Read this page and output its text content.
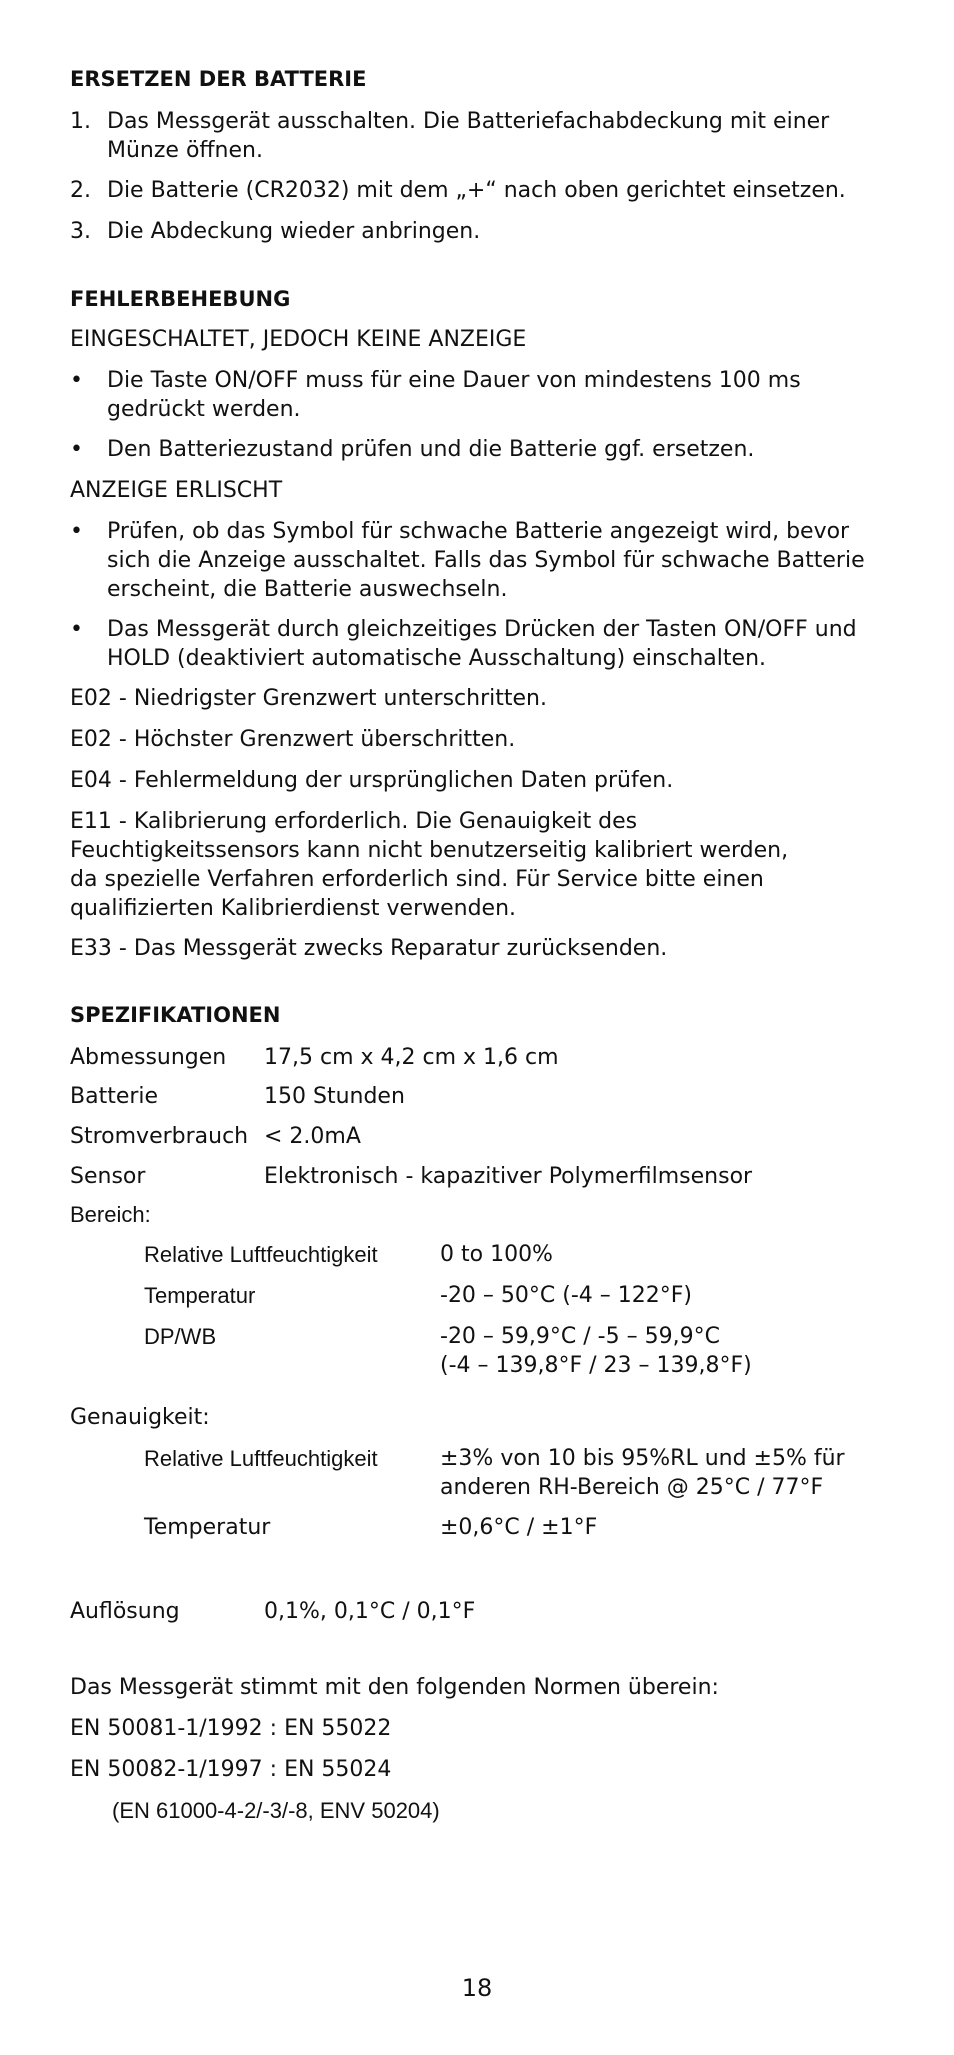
ERSETZEN DER BATTERIE
1. Das Messgerät ausschalten. Die Batteriefachabdeckung mit einer
Münze öffnen.
2. Die Batterie (CR2032) mit dem „+“ nach oben gerichtet einsetzen.
3. Die Abdeckung wieder anbringen.
FEHLERBEHEBUNG
EINGESCHALTET, JEDOCH KEINE ANZEIGE
• Die Taste ON/OFF muss für eine Dauer von mindestens 100 ms
gedrückt werden.
• Den Batteriezustand prüfen und die Batterie ggf. ersetzen.
ANZEIGE ERLISCHT
• Prüfen, ob das Symbol für schwache Batterie angezeigt wird, bevor
sich die Anzeige ausschaltet. Falls das Symbol für schwache Batterie
erscheint, die Batterie auswechseln.
• Das Messgerät durch gleichzeitiges Drücken der Tasten ON/OFF und
HOLD (deaktiviert automatische Ausschaltung) einschalten.
E02 - Niedrigster Grenzwert unterschritten.
E02 - Höchster Grenzwert überschritten.
E04 - Fehlermeldung der ursprünglichen Daten prüfen.
E11 - Kalibrierung erforderlich. Die Genauigkeit des
Feuchtigkeitssensors kann nicht benutzerseitig kalibriert werden,
da spezielle Verfahren erforderlich sind. Für Service bitte einen
qualifizierten Kalibrierdienst verwenden.
E33 - Das Messgerät zwecks Reparatur zurücksenden.
SPEZIFIKATIONEN
Abmessungen 17,5 cm x 4,2 cm x 1,6 cm
Batterie	150 Stunden
Stromverbrauch < 2.0mA
Sensor	Elektronisch - kapazitiver Polymerfilmsensor
Bereich:
Relative Luftfeuchtigkeit	0 to 100%
Temperatur	-20 – 50°C (-4 – 122°F)
DP/WB	-20 – 59,9°C / -5 – 59,9°C
(-4 – 139,8°F / 23 – 139,8°F)
Genauigkeit:
Relative Luftfeuchtigkeit	±3% von 10 bis 95%RL und ±5% für
anderen RH-Bereich @ 25°C / 77°F
Temperatur	±0,6°C / ±1°F
Auflösung	0,1%, 0,1°C / 0,1°F
Das Messgerät stimmt mit den folgenden Normen überein:
EN 50081-1/1992 : EN 55022
EN 50082-1/1997 : EN 55024
(EN 61000-4-2/-3/-8, ENV 50204)
18
